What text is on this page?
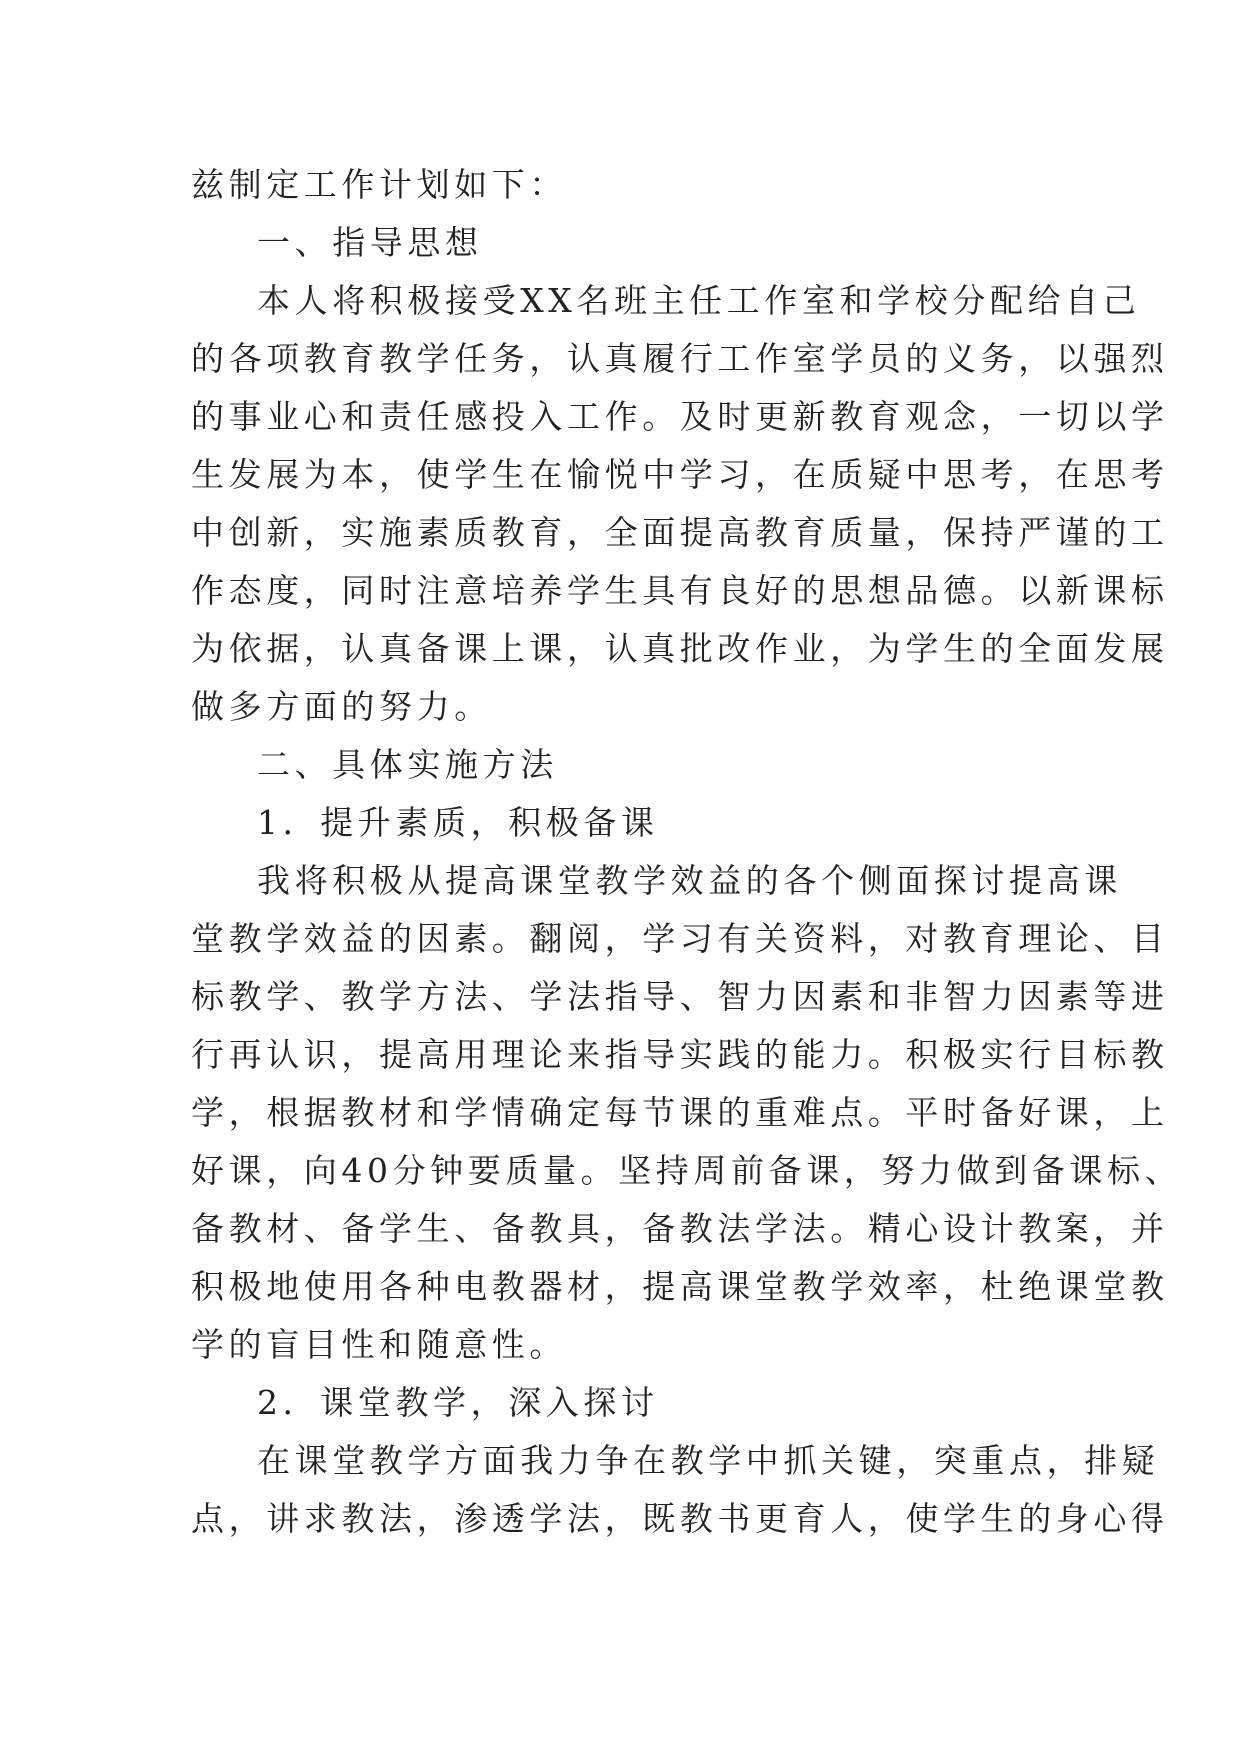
兹制定工作计划如下：
一、指导思想
本人将积极接受XX名班主任工作室和学校分配给自己
的各项教育教学任务，认真履行工作室学员的义务，以强烈
的事业心和责任感投入工作。及时更新教育观念，一切以学
生发展为本，使学生在愉悦中学习，在质疑中思考，在思考
中创新，实施素质教育，全面提高教育质量，保持严谨的工
作态度，同时注意培养学生具有良好的思想品德。以新课标
为依据，认真备课上课，认真批改作业，为学生的全面发展
做多方面的努力。
二、具体实施方法
1．提升素质，积极备课
我将积极从提高课堂教学效益的各个侧面探讨提高课
堂教学效益的因素。翻阅，学习有关资料，对教育理论、目
标教学、教学方法、学法指导、智力因素和非智力因素等进
行再认识，提高用理论来指导实践的能力。积极实行目标教
学，根据教材和学情确定每节课的重难点。平时备好课，上
好课，向40分钟要质量。坚持周前备课，努力做到备课标、
备教材、备学生、备教具，备教法学法。精心设计教案，并
积极地使用各种电教器材，提高课堂教学效率，杜绝课堂教
学的盲目性和随意性。
2．课堂教学，深入探讨
在课堂教学方面我力争在教学中抓关键，突重点，排疑
点，讲求教法，渗透学法，既教书更育人，使学生的身心得
